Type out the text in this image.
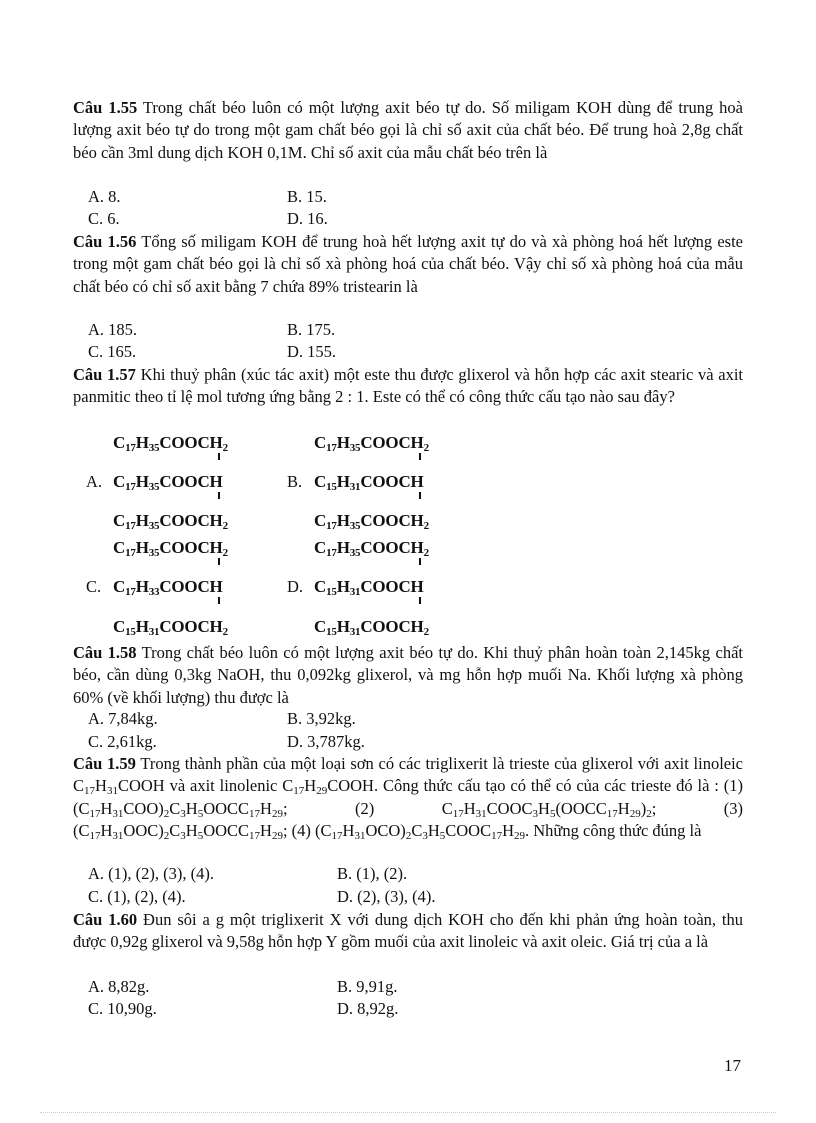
Câu 1.55 Trong chất béo luôn có một lượng axit béo tự do. Số miligam KOH dùng để trung hoà lượng axit béo tự do trong một gam chất béo gọi là chỉ số axit của chất béo. Để trung hoà 2,8g chất béo cần 3ml dung dịch KOH 0,1M. Chỉ số axit của mẫu chất béo trên là
A. 8.	B. 15.
C. 6.	D. 16.
Câu 1.56 Tổng số miligam KOH để trung hoà hết lượng axit tự do và xà phòng hoá hết lượng este trong một gam chất béo gọi là chỉ số xà phòng hoá của chất béo. Vậy chỉ số xà phòng hoá của mẫu chất béo có chỉ số axit bằng 7 chứa 89% tristearin là
A. 185.	B. 175.
C. 165.	D. 155.
Câu 1.57 Khi thuỷ phân (xúc tác axit) một este thu được glixerol và hỗn hợp các axit stearic và axit panmitic theo tỉ lệ mol tương ứng bằng 2 : 1. Este có thể có công thức cấu tạo nào sau đây?
$C_{17}H_{35}COOCH_2$
A. $C_{17}H_{35}COOCH$
$C_{17}H_{35}COOCH_2$
$C_{17}H_{35}COOCH_2$
B. $C_{15}H_{31}COOCH$
$C_{17}H_{35}COOCH_2$
$C_{17}H_{35}COOCH_2$
C. $C_{17}H_{33}COOCH$
$C_{15}H_{31}COOCH_2$
$C_{17}H_{35}COOCH_2$
D. $C_{15}H_{31}COOCH$
$C_{15}H_{31}COOCH_2$
Câu 1.58 Trong chất béo luôn có một lượng axit béo tự do. Khi thuỷ phân hoàn toàn 2,145kg chất béo, cần dùng 0,3kg NaOH, thu 0,092kg glixerol, và mg hỗn hợp muối Na. Khối lượng xà phòng 60% (về khối lượng) thu được là
A. 7,84kg.	B. 3,92kg.
C. 2,61kg.	D. 3,787kg.
Câu 1.59 Trong thành phần của một loại sơn có các triglixerit là trieste của glixerol với axit linoleic $C_{17}H_{31}COOH$ và axit linolenic $C_{17}H_{29}COOH$. Công thức cấu tạo có thể có của các trieste đó là : (1) $(C_{17}H_{31}COO)_2C_3H_5OOCC_{17}H_{29}$; (2) $C_{17}H_{31}COOC_3H_5(OOCC_{17}H_{29})_2$; (3) $(C_{17}H_{31}OOC)_2C_3H_5OOCC_{17}H_{29}$; (4) $(C_{17}H_{31}OCO)_2C_3H_5COOC_{17}H_{29}$. Những công thức đúng là
A. (1), (2), (3), (4).	B. (1), (2).
C. (1), (2), (4).	D. (2), (3), (4).
Câu 1.60 Đun sôi a g một triglixerit X với dung dịch KOH cho đến khi phản ứng hoàn toàn, thu được 0,92g glixerol và 9,58g hỗn hợp Y gồm muối của axit linoleic và axit oleic. Giá trị của a là
A. 8,82g.	B. 9,91g.
C. 10,90g.	D. 8,92g.
17
